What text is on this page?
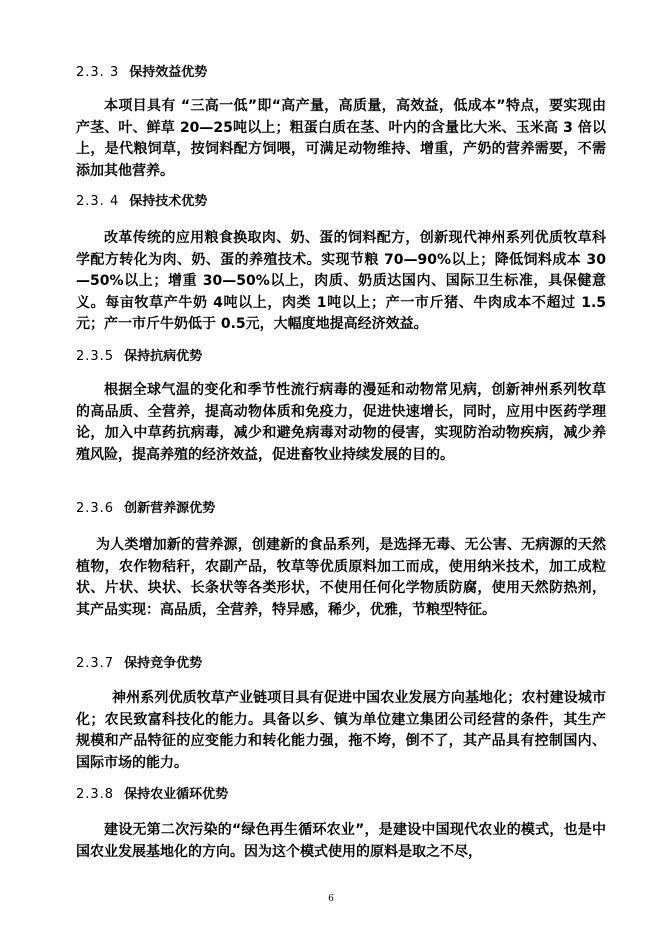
2.3. 3 保持效益优势
本项目具有 “三高一低”即“高产量，高质量，高效益，低成本”特点，要实现由产茎、叶、鲜草 20—25吨以上；粗蛋白质在茎、叶内的含量比大米、玉米高 3 倍以上，是代粮饲草，按饲料配方饲喂，可满足动物维持、增重，产奶的营养需要，不需添加其他营养。
2.3. 4 保持技术优势
改革传统的应用粮食换取肉、奶、蛋的饲料配方，创新现代神州系列优质牧草科学配方转化为肉、奶、蛋的养殖技术。实现节粮 70—90%以上；降低饲料成本 30—50%以上；增重 30—50%以上，肉质、奶质达国内、国际卫生标准，具保健意义。每亩牧草产牛奶 4吨以上，肉类 1吨以上；产一市斤猪、牛肉成本不超过 1.5元；产一市斤牛奶低于 0.5元，大幅度地提高经济效益。
2.3.5 保持抗病优势
根据全球气温的变化和季节性流行病毒的漫延和动物常见病，创新神州系列牧草的高品质、全营养，提高动物体质和免疫力，促进快速增长，同时，应用中医药学理论，加入中草药抗病毒，减少和避免病毒对动物的侵害，实现防治动物疾病，减少养殖风险，提高养殖的经济效益，促进畜牧业持续发展的目的。
2.3.6 创新营养源优势
为人类增加新的营养源，创建新的食品系列，是选择无毒、无公害、无病源的天然植物，农作物秸秆，农副产品，牧草等优质原料加工而成，使用纳米技术，加工成粒状、片状、块状、长条状等各类形状，不使用任何化学物质防腐，使用天然防热剂，其产品实现：高品质，全营养，特异感，稀少，优雅，节粮型特征。
2.3.7 保持竞争优势
神州系列优质牧草产业链项目具有促进中国农业发展方向基地化；农村建设城市化；农民致富科技化的能力。具备以乡、镇为单位建立集团公司经营的条件，其生产规模和产品特征的应变能力和转化能力强，拖不垮，倒不了，其产品具有控制国内、国际市场的能力。
2.3.8 保持农业循环优势
建设无第二次污染的“绿色再生循环农业”，是建设中国现代农业的模式，也是中国农业发展基地化的方向。因为这个模式使用的原料是取之不尽，
6
